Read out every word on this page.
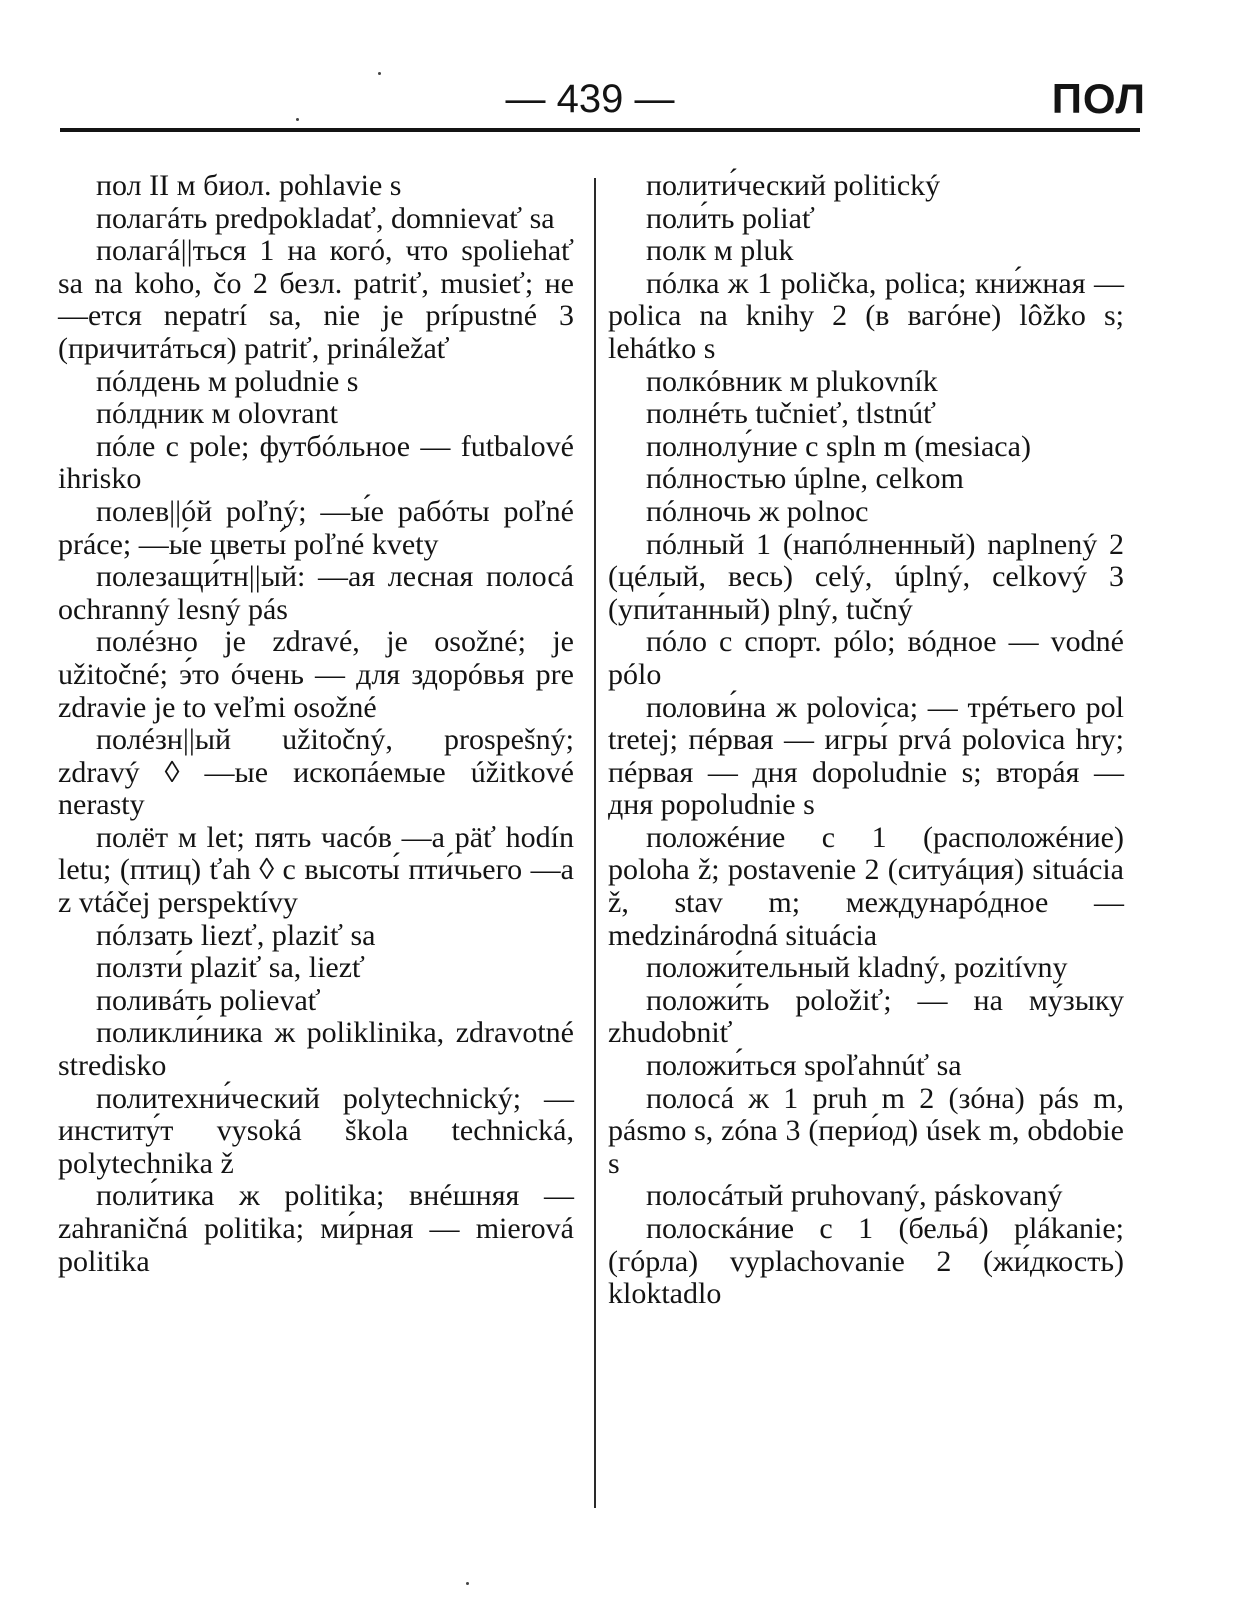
— 439 —	ПОЛ

пол II м биол. pohlavie s

полагáть predpokladať, domnievať sa

полагá||ться 1 на когó, что spoliehať sa na koho, čo 2 безл. patriť, musieť; не —ется nepatrí sa, nie je prípustné 3 (причитáться) patriť, prináležať

пóлдень м poludnie s

пóлдник м olovrant

пóле с pole; футбóльное — futbalové ihrisko

полев||óй poľný; —ы́е рабóты poľné práce; —ы́е цветы́ poľné kvety

полезащи́тн||ый: —ая лесная полосá ochranný lesný pás

полéзно je zdravé, je osožné; je užitočné; э́то óчень — для здорóвья pre zdravie je to veľmi osožné

полéзн||ый užitočný, prospešný; zdravý ◊ —ые ископáемые úžitkové nerasty

полёт м let; пять часóв —а päť hodín letu; (птиц) ťah ◊ с высоты́ пти́чьего —а z vtáčej perspektívy

пóлзать liezť, plaziť sa

ползти́ plaziť sa, liezť

поливáть polievať

поликли́ника ж poliklinika, zdravotné stredisko

политехни́ческий polytechnický; — институ́т vysoká škola technická, polytechnika ž

поли́тика ж politika; внéшняя — zahraničná politika; ми́рная — mierová politika

полити́ческий politický

поли́ть poliať

полк м pluk

пóлка ж 1 polička, polica; кни́жная — polica na knihy 2 (в вагóне) lôžko s; lehátko s

полкóвник м plukovník

полнéть tučnieť, tlstnúť

полнолу́ние с spln m (mesiaca)

пóлностью úplne, celkom

пóлночь ж polnoc

пóлный 1 (напóлненный) naplnený 2 (цéлый, весь) celý, úplný, celkový 3 (упи́танный) plný, tučný

пóло с спорт. pólo; вóдное — vodné pólo

полови́на ж polovica; — трéтьего pol tretej; пéрвая — игры́ prvá polovica hry; пéрвая — дня dopoludnie s; вторáя — дня popoludnie s

положéние с 1 (расположéние) poloha ž; postavenie 2 (ситуáция) situácia ž, stav m; междунарóдное — medzinárodná situácia

положи́тельный kladný, pozitívny

положи́ть položiť; — на му́зыку zhudobniť

положи́ться spoľahnúť sa

полосá ж 1 pruh m 2 (зóна) pás m, pásmo s, zóna 3 (пери́од) úsek m, obdobie s

полосáтый pruhovaný, páskovaný

полоскáние с 1 (бельá) plákanie; (гóрла) vyplachovanie 2 (жи́дкость) kloktadlo
